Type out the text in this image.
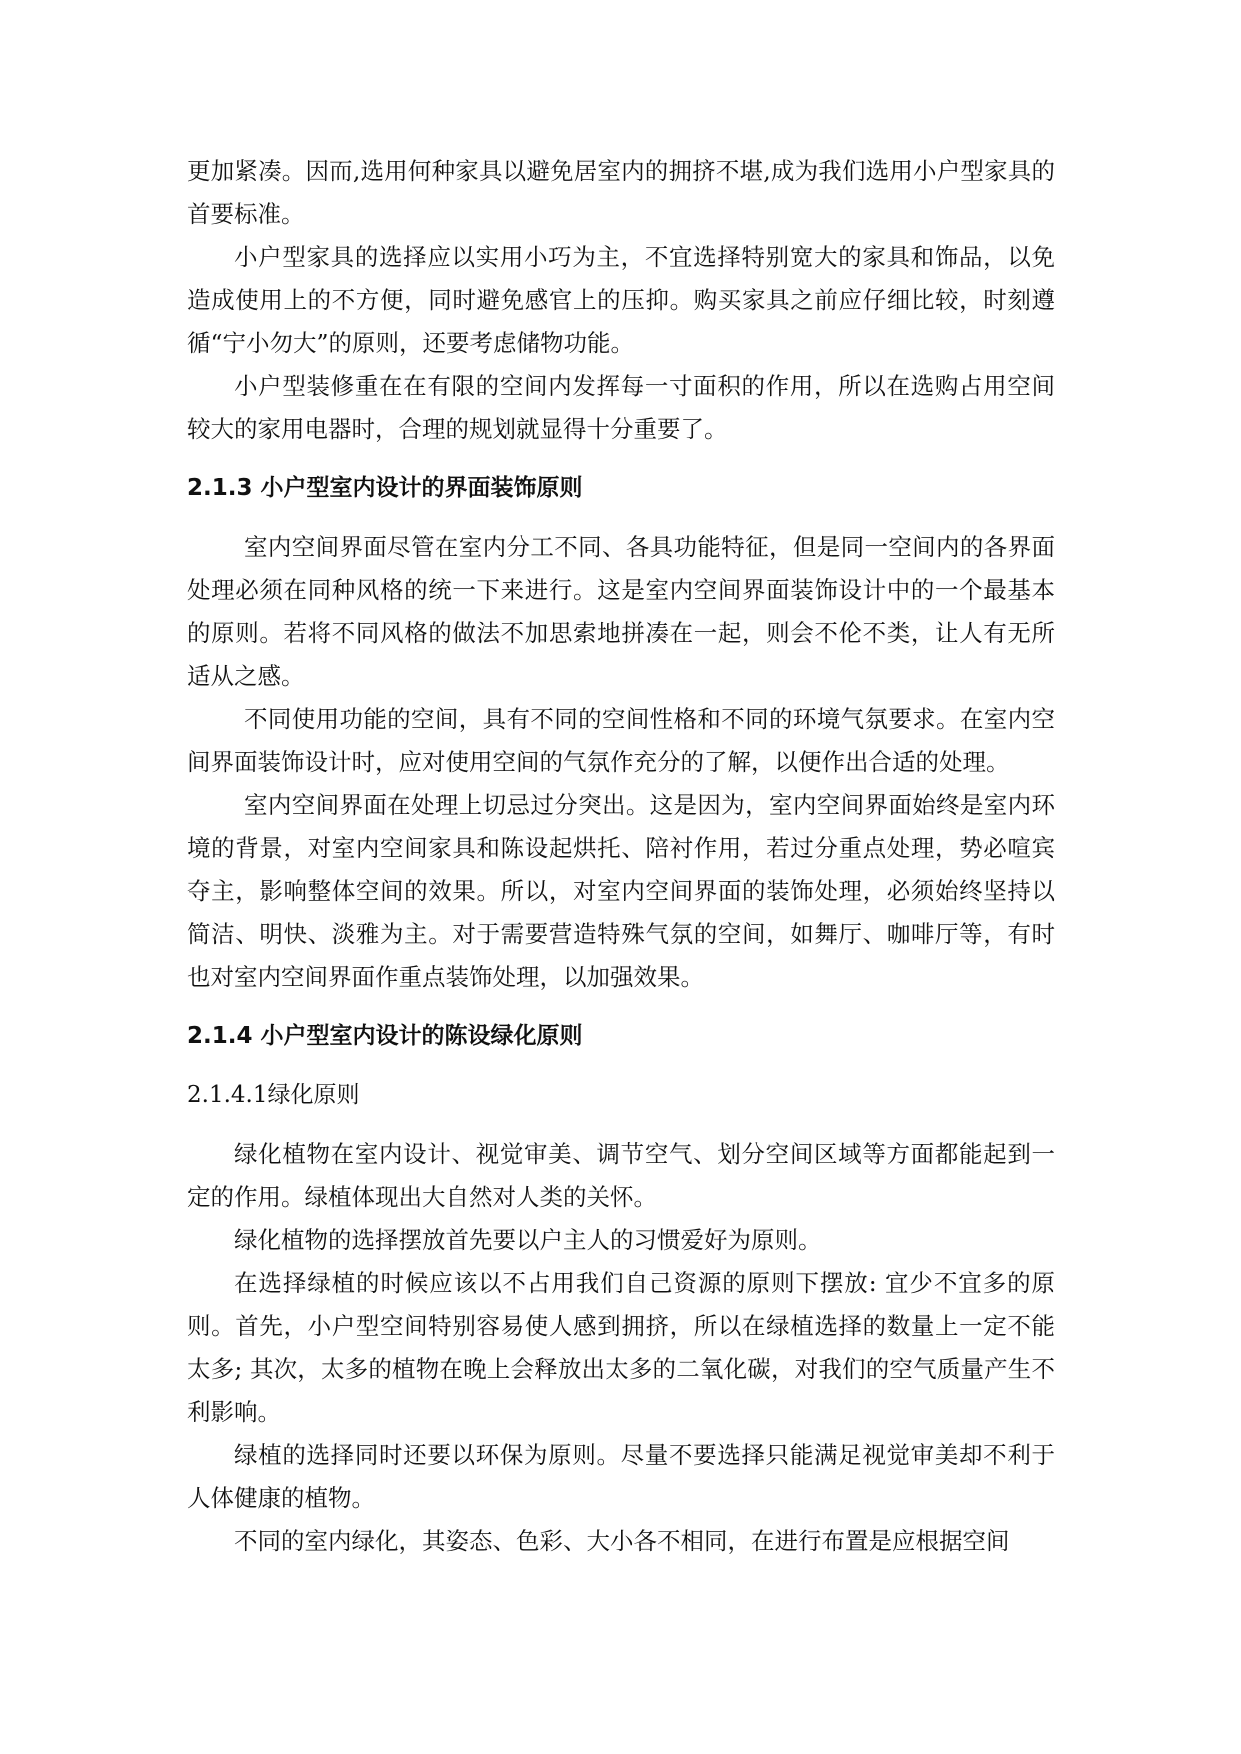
更加紧凑。因而,选用何种家具以避免居室内的拥挤不堪,成为我们选用小户型家具的首要标准。

小户型家具的选择应以实用小巧为主，不宜选择特别宽大的家具和饰品，以免造成使用上的不方便，同时避免感官上的压抑。购买家具之前应仔细比较，时刻遵循“宁小勿大”的原则，还要考虑储物功能。

小户型装修重在在有限的空间内发挥每一寸面积的作用，所以在选购占用空间较大的家用电器时，合理的规划就显得十分重要了。

2.1.3 小户型室内设计的界面装饰原则

室内空间界面尽管在室内分工不同、各具功能特征，但是同一空间内的各界面处理必须在同种风格的统一下来进行。这是室内空间界面装饰设计中的一个最基本的原则。若将不同风格的做法不加思索地拼凑在一起，则会不伦不类，让人有无所适从之感。

不同使用功能的空间，具有不同的空间性格和不同的环境气氛要求。在室内空间界面装饰设计时，应对使用空间的气氛作充分的了解，以便作出合适的处理。

室内空间界面在处理上切忌过分突出。这是因为，室内空间界面始终是室内环境的背景，对室内空间家具和陈设起烘托、陪衬作用，若过分重点处理，势必喧宾夺主，影响整体空间的效果。所以，对室内空间界面的装饰处理，必须始终坚持以简洁、明快、淡雅为主。对于需要营造特殊气氛的空间，如舞厅、咖啡厅等，有时也对室内空间界面作重点装饰处理，以加强效果。

2.1.4 小户型室内设计的陈设绿化原则
2.1.4.1绿化原则

绿化植物在室内设计、视觉审美、调节空气、划分空间区域等方面都能起到一定的作用。绿植体现出大自然对人类的关怀。

绿化植物的选择摆放首先要以户主人的习惯爱好为原则。

在选择绿植的时候应该以不占用我们自己资源的原则下摆放: 宜少不宜多的原则。首先，小户型空间特别容易使人感到拥挤，所以在绿植选择的数量上一定不能太多; 其次，太多的植物在晚上会释放出太多的二氧化碳，对我们的空气质量产生不利影响。

绿植的选择同时还要以环保为原则。尽量不要选择只能满足视觉审美却不利于人体健康的植物。

不同的室内绿化，其姿态、色彩、大小各不相同，在进行布置是应根据空间
